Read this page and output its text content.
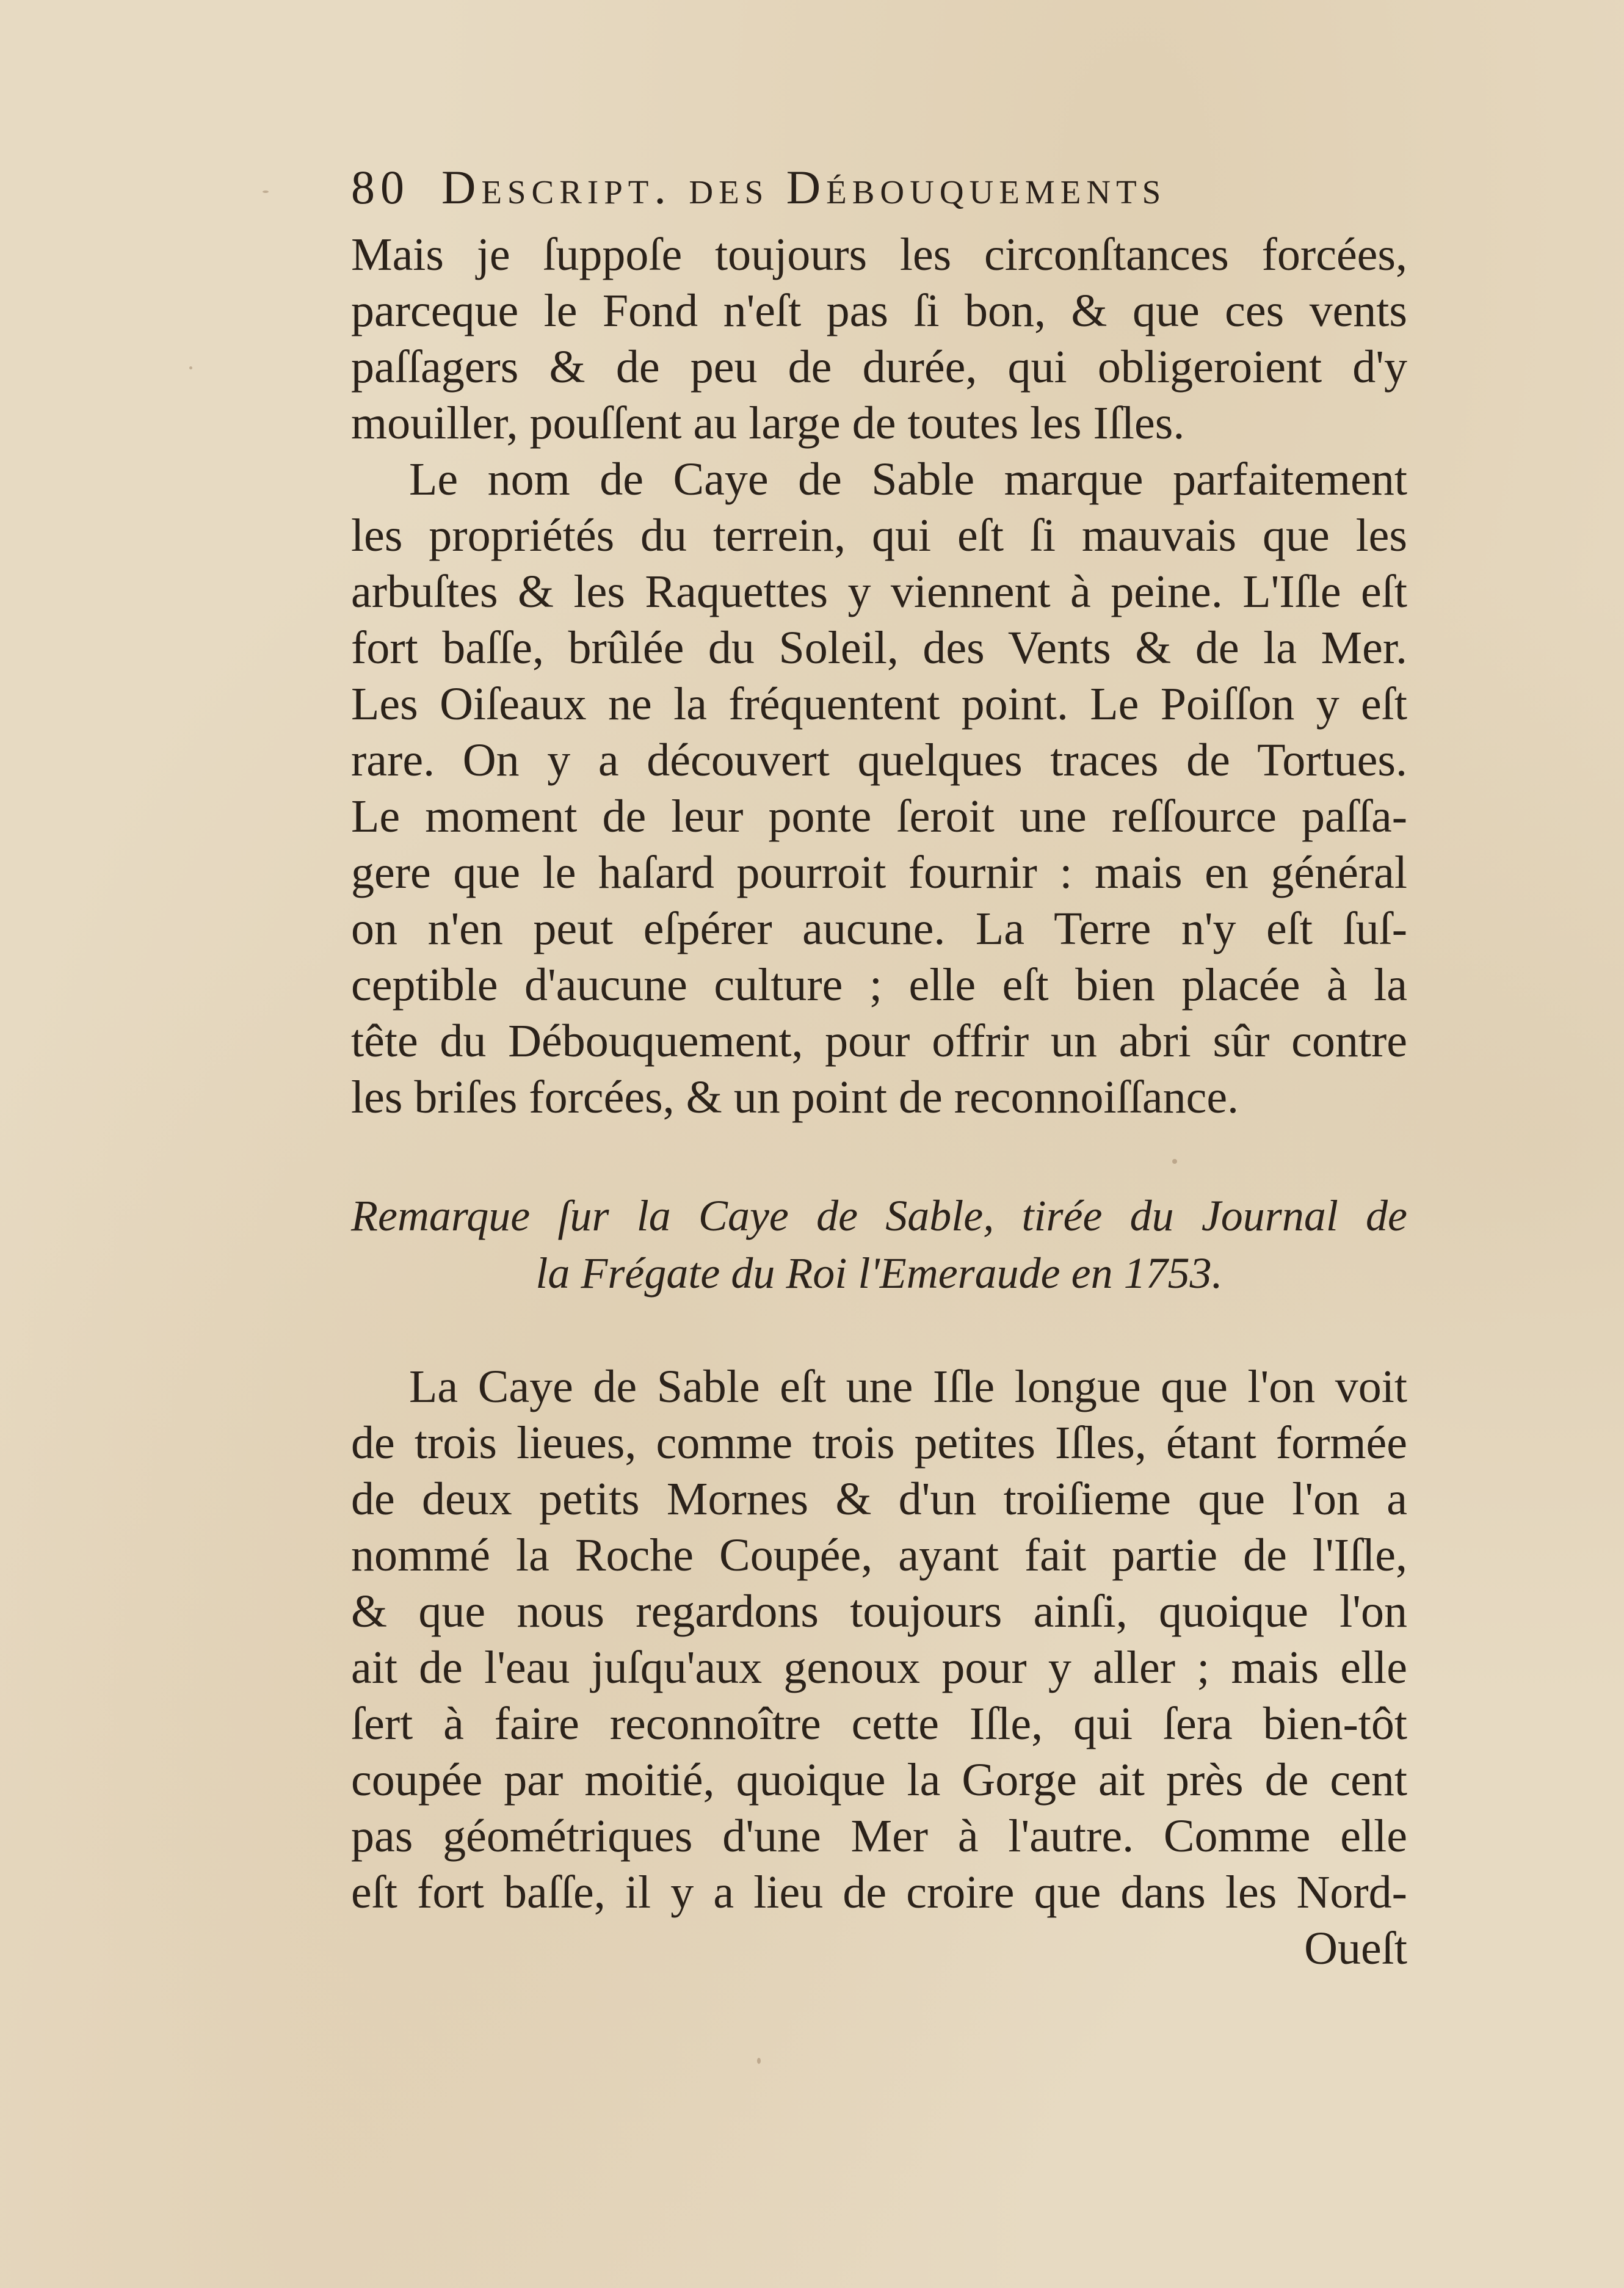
80 Descript. des Débouquements
Mais je ſuppoſe toujours les circonſtances forcées,
parceque le Fond n'eſt pas ſi bon, & que ces vents
paſſagers & de peu de durée, qui obligeroient d'y
mouiller, pouſſent au large de toutes les Iſles.
Le nom de Caye de Sable marque parfaitement
les propriétés du terrein, qui eſt ſi mauvais que les
arbuſtes & les Raquettes y viennent à peine. L'Iſle eſt
fort baſſe, brûlée du Soleil, des Vents & de la Mer.
Les Oiſeaux ne la fréquentent point. Le Poiſſon y eſt
rare. On y a découvert quelques traces de Tortues.
Le moment de leur ponte ſeroit une reſſource paſſa-
gere que le haſard pourroit fournir : mais en général
on n'en peut eſpérer aucune. La Terre n'y eſt ſuſ-
ceptible d'aucune culture ; elle eſt bien placée à la
tête du Débouquement, pour offrir un abri sûr contre
les briſes forcées, & un point de reconnoiſſance.
Remarque ſur la Caye de Sable, tirée du Journal de
la Frégate du Roi l'Emeraude en 1753.
La Caye de Sable eſt une Iſle longue que l'on voit
de trois lieues, comme trois petites Iſles, étant formée
de deux petits Mornes & d'un troiſieme que l'on a
nommé la Roche Coupée, ayant fait partie de l'Iſle,
& que nous regardons toujours ainſi, quoique l'on
ait de l'eau juſqu'aux genoux pour y aller ; mais elle
ſert à faire reconnoître cette Iſle, qui ſera bien-tôt
coupée par moitié, quoique la Gorge ait près de cent
pas géométriques d'une Mer à l'autre. Comme elle
eſt fort baſſe, il y a lieu de croire que dans les Nord-
Oueſt
